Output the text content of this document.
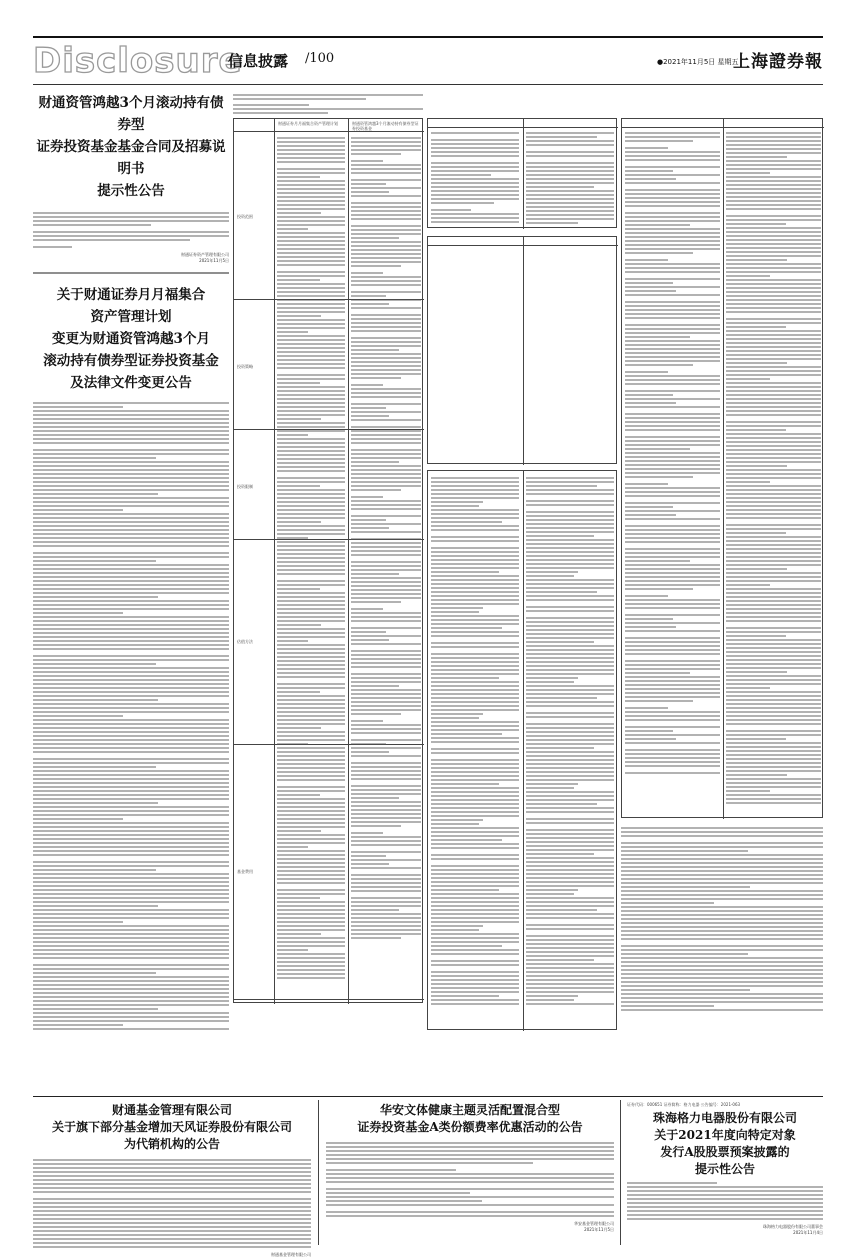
Disclosure
信息披露 /100	●2021年11月5日 星期五
上海證券報
财通资管鸿越3个月滚动持有债券型
证券投资基金基金合同及招募说明书
提示性公告
财通证券资产管理有限公司
2021年11月5日
关于财通证券月月福集合
资产管理计划
变更为财通资管鸿越3个月
滚动持有债券型证券投资基金
及法律文件变更公告
财通证券月月福集合资产管理计划	财通资管鸿越3个月滚动持有债券型证券投资基金
投资范围
投资策略
投资限制
估值方法
基金费用
财通基金管理有限公司
关于旗下部分基金增加天风证券股份有限公司
为代销机构的公告
财通基金管理有限公司
华安文体健康主题灵活配置混合型
证券投资基金A类份额费率优惠活动的公告
华安基金管理有限公司
2021年11月5日
证券代码：000651 证券简称：格力电器 公告编号：2021-063
珠海格力电器股份有限公司
关于2021年度向特定对象
发行A股股票预案披露的
提示性公告
珠海格力电器股份有限公司董事会
2021年11月4日
